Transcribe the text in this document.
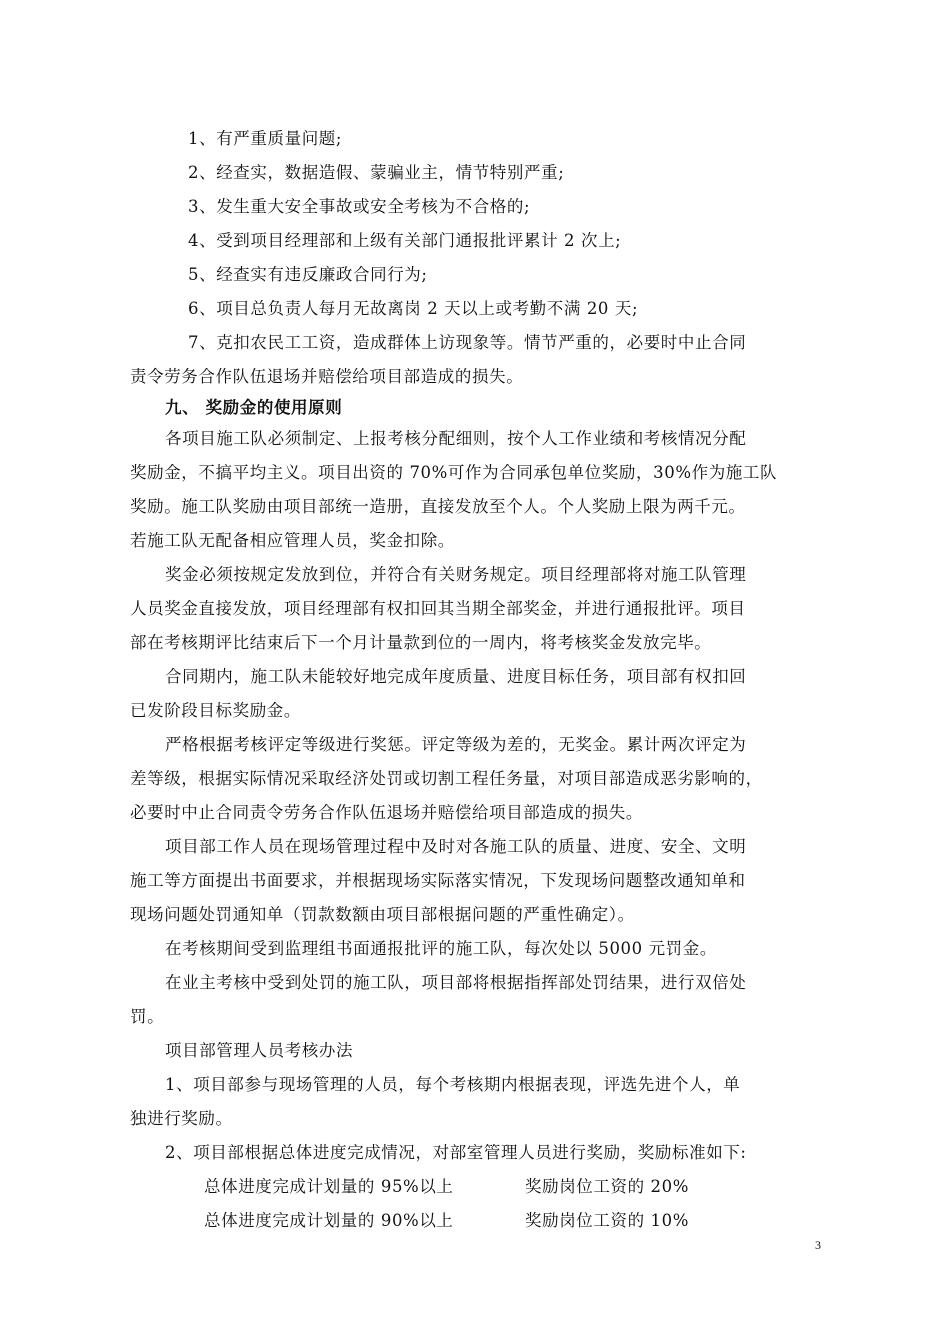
1、有严重质量问题;
2、经查实，数据造假、蒙骗业主，情节特别严重;
3、发生重大安全事故或安全考核为不合格的;
4、受到项目经理部和上级有关部门通报批评累计 2 次上;
5、经查实有违反廉政合同行为;
6、项目总负责人每月无故离岗 2 天以上或考勤不满 20 天;
7、克扣农民工工资，造成群体上访现象等。情节严重的，必要时中止合同
责令劳务合作队伍退场并赔偿给项目部造成的损失。
九、 奖励金的使用原则
各项目施工队必须制定、上报考核分配细则，按个人工作业绩和考核情况分配
奖励金，不搞平均主义。项目出资的 70%可作为合同承包单位奖励，30%作为施工队
奖励。施工队奖励由项目部统一造册，直接发放至个人。个人奖励上限为两千元。
若施工队无配备相应管理人员，奖金扣除。
奖金必须按规定发放到位，并符合有关财务规定。项目经理部将对施工队管理
人员奖金直接发放，项目经理部有权扣回其当期全部奖金，并进行通报批评。项目
部在考核期评比结束后下一个月计量款到位的一周内，将考核奖金发放完毕。
合同期内，施工队未能较好地完成年度质量、进度目标任务，项目部有权扣回
已发阶段目标奖励金。
严格根据考核评定等级进行奖惩。评定等级为差的，无奖金。累计两次评定为
差等级，根据实际情况采取经济处罚或切割工程任务量，对项目部造成恶劣影响的，
必要时中止合同责令劳务合作队伍退场并赔偿给项目部造成的损失。
项目部工作人员在现场管理过程中及时对各施工队的质量、进度、安全、文明
施工等方面提出书面要求，并根据现场实际落实情况，下发现场问题整改通知单和
现场问题处罚通知单（罚款数额由项目部根据问题的严重性确定）。
在考核期间受到监理组书面通报批评的施工队，每次处以 5000 元罚金。
在业主考核中受到处罚的施工队，项目部将根据指挥部处罚结果，进行双倍处
罚。
项目部管理人员考核办法
1、项目部参与现场管理的人员，每个考核期内根据表现，评选先进个人，单
独进行奖励。
2、项目部根据总体进度完成情况，对部室管理人员进行奖励，奖励标准如下:
总体进度完成计划量的 95%以上	奖励岗位工资的 20%
总体进度完成计划量的 90%以上	奖励岗位工资的 10%
3
